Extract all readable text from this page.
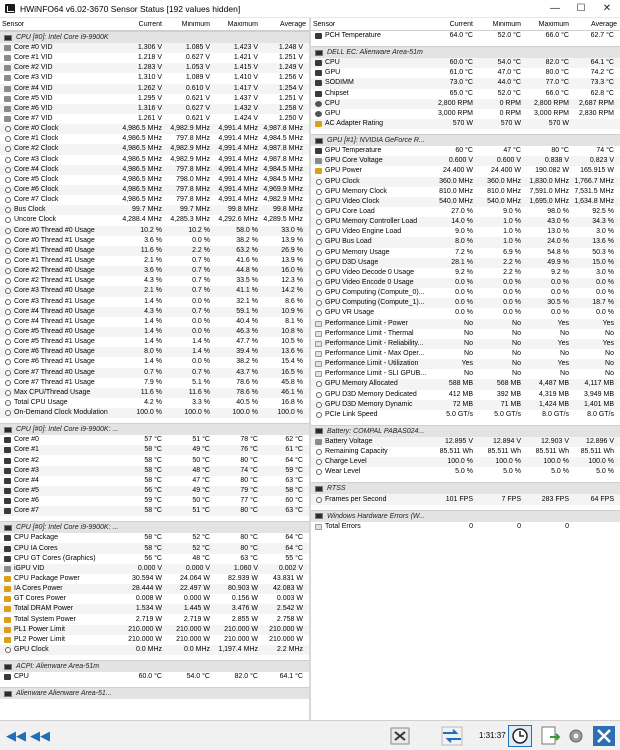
HWiNFO64 v6.02-3670 Sensor Status [192 values hidden]	—	☐	✕
Sensor	Current	Minimum	Maximum	Average
CPU [#0]: Intel Core i9-9900K
Core #0 VID	1.306 V	1.085 V	1.423 V	1.248 V
Core #1 VID	1.218 V	0.627 V	1.421 V	1.251 V
Core #2 VID	1.283 V	1.053 V	1.415 V	1.249 V
Core #3 VID	1.310 V	1.089 V	1.410 V	1.256 V
Core #4 VID	1.262 V	0.610 V	1.417 V	1.254 V
Core #5 VID	1.295 V	0.621 V	1.437 V	1.251 V
Core #6 VID	1.316 V	0.627 V	1.432 V	1.258 V
Core #7 VID	1.261 V	0.621 V	1.424 V	1.250 V
Core #0 Clock	4,986.5 MHz	4,982.9 MHz	4,991.4 MHz 4,987.8 MHz
Core #1 Clock	4,986.5 MHz	797.8 MHz	4,991.4 MHz 4,984.5 MHz
Core #2 Clock	4,986.5 MHz	4,982.9 MHz	4,991.4 MHz 4,987.8 MHz
Core #3 Clock	4,986.5 MHz	4,982.9 MHz	4,991.4 MHz 4,987.8 MHz
Core #4 Clock	4,986.5 MHz	797.8 MHz	4,991.4 MHz 4,984.5 MHz
Core #5 Clock	4,986.5 MHz	798.0 MHz	4,991.4 MHz 4,984.5 MHz
Core #6 Clock	4,986.5 MHz	797.8 MHz	4,991.4 MHz 4,969.9 MHz
Core #7 Clock	4,986.5 MHz	797.8 MHz	4,991.4 MHz 4,982.9 MHz
Bus Clock	99.7 MHz	99.7 MHz	99.8 MHz	99.8 MHz
Uncore Clock	4,288.4 MHz	4,285.3 MHz	4,292.6 MHz 4,289.5 MHz
Core #0 Thread #0 Usage	10.2 %	10.2 %	58.0 %	33.0 %
Core #0 Thread #1 Usage	3.6 %	0.0 %	38.2 %	13.9 %
Core #1 Thread #0 Usage	11.6 %	2.2 %	63.2 %	26.9 %
Core #1 Thread #1 Usage	2.1 %	0.7 %	41.6 %	13.9 %
Core #2 Thread #0 Usage	3.6 %	0.7 %	44.8 %	16.0 %
Core #2 Thread #1 Usage	4.3 %	0.7 %	33.5 %	12.3 %
Core #3 Thread #0 Usage	2.1 %	0.7 %	41.1 %	14.2 %
Core #3 Thread #1 Usage	1.4 %	0.0 %	32.1 %	8.6 %
Core #4 Thread #0 Usage	4.3 %	0.7 %	59.1 %	10.9 %
Core #4 Thread #1 Usage	1.4 %	0.0 %	40.4 %	8.1 %
Core #5 Thread #0 Usage	1.4 %	0.0 %	46.3 %	10.8 %
Core #5 Thread #1 Usage	1.4 %	1.4 %	47.7 %	10.5 %
Core #6 Thread #0 Usage	8.0 %	1.4 %	39.4 %	13.6 %
Core #6 Thread #1 Usage	1.4 %	0.0 %	38.2 %	15.4 %
Core #7 Thread #0 Usage	0.7 %	0.7 %	43.7 %	16.5 %
Core #7 Thread #1 Usage	7.9 %	5.1 %	78.6 %	45.8 %
Max CPU/Thread Usage	11.6 %	11.6 %	78.6 %	46.1 %
Total CPU Usage	4.2 %	3.3 %	40.5 %	16.8 %
On-Demand Clock Modulation	100.0 %	100.0 %	100.0 %	100.0 %
CPU [#0]: Intel Core i9-9900K: ...
Core #0	57 °C	51 °C	78 °C	62 °C
Core #1	58 °C	49 °C	76 °C	61 °C
Core #2	58 °C	50 °C	80 °C	64 °C
Core #3	58 °C	48 °C	74 °C	59 °C
Core #4	58 °C	47 °C	80 °C	63 °C
Core #5	56 °C	49 °C	79 °C	58 °C
Core #6	59 °C	50 °C	77 °C	60 °C
Core #7	58 °C	51 °C	80 °C	63 °C
CPU [#0]: Intel Core i9-9900K: ...
CPU Package	58 °C	52 °C	80 °C	64 °C
CPU IA Cores	58 °C	52 °C	80 °C	64 °C
CPU GT Cores (Graphics)	56 °C	48 °C	63 °C	55 °C
iGPU VID	0.000 V	0.000 V	1.060 V	0.002 V
CPU Package Power	30.594 W	24.064 W	82.939 W	43.831 W
IA Cores Power	28.444 W	22.497 W	80.903 W	42.083 W
GT Cores Power	0.008 W	0.000 W	0.156 W	0.003 W
Total DRAM Power	1.534 W	1.445 W	3.476 W	2.542 W
Total System Power	2.719 W	2.719 W	2.855 W	2.758 W
PL1 Power Limit	210.000 W	210.000 W	210.000 W	210.000 W
PL2 Power Limit	210.000 W	210.000 W	210.000 W	210.000 W
GPU Clock	0.0 MHz	0.0 MHz	1,197.4 MHz	2.2 MHz
ACPI: Alienware Area-51m
CPU	60.0 °C	54.0 °C	82.0 °C	64.1 °C
Alienware Alienware Area-51...
Sensor	Current	Minimum	Maximum	Average
PCH Temperature	64.0 °C	52.0 °C	66.0 °C	62.7 °C
DELL EC: Alienware Area-51m
CPU	60.0 °C	54.0 °C	82.0 °C	64.1 °C
GPU	61.0 °C	47.0 °C	80.0 °C	74.2 °C
SODIMM	73.0 °C	44.0 °C	77.0 °C	73.3 °C
Chipset	65.0 °C	52.0 °C	66.0 °C	62.8 °C
CPU	2,800 RPM	0 RPM	2,800 RPM	2,687 RPM
GPU	3,000 RPM	0 RPM	3,000 RPM	2,830 RPM
AC Adapter Rating	570 W	570 W	570 W
GPU [#1]: NVIDIA GeForce R...
GPU Temperature	60 °C	47 °C	80 °C	74 °C
GPU Core Voltage	0.600 V	0.600 V	0.838 V	0.823 V
GPU Power	24.400 W	24.400 W	190.082 W	165.915 W
GPU Clock	360.0 MHz	360.0 MHz	1,830.0 MHz 1,766.7 MHz
GPU Memory Clock	810.0 MHz	810.0 MHz	7,591.0 MHz 7,531.5 MHz
GPU Video Clock	540.0 MHz	540.0 MHz	1,695.0 MHz 1,634.8 MHz
GPU Core Load	27.0 %	9.0 %	98.0 %	92.5 %
GPU Memory Controller Load	14.0 %	1.0 %	43.0 %	34.3 %
GPU Video Engine Load	9.0 %	1.0 %	13.0 %	3.0 %
GPU Bus Load	8.0 %	1.0 %	24.0 %	13.6 %
GPU Memory Usage	7.2 %	6.9 %	54.8 %	50.3 %
GPU D3D Usage	28.1 %	2.2 %	49.9 %	15.0 %
GPU Video Decode 0 Usage	9.2 %	2.2 %	9.2 %	3.0 %
GPU Video Encode 0 Usage	0.0 %	0.0 %	0.0 %	0.0 %
GPU Computing (Compute_0)...	0.0 %	0.0 %	0.0 %	0.0 %
GPU Computing (Compute_1)...	0.0 %	0.0 %	30.5 %	18.7 %
GPU VR Usage	0.0 %	0.0 %	0.0 %	0.0 %
Performance Limit - Power	No	No	Yes	Yes
Performance Limit - Thermal	No	No	No	No
Performance Limit - Reliability...	No	No	Yes	Yes
Performance Limit - Max Oper...	No	No	No	No
Performance Limit - Utilization	Yes	No	Yes	No
Performance Limit - SLI GPUB...	No	No	No	No
GPU Memory Allocated	588 MB	568 MB	4,487 MB	4,117 MB
GPU D3D Memory Dedicated	412 MB	392 MB	4,319 MB	3,949 MB
GPU D3D Memory Dynamic	72 MB	71 MB	1,424 MB	1,401 MB
PCIe Link Speed	5.0 GT/s	5.0 GT/s	8.0 GT/s	8.0 GT/s
Battery: COMPAL PABAS024...
Battery Voltage	12.895 V	12.894 V	12.903 V	12.896 V
Remaining Capacity	85.511 Wh	85.511 Wh	85.511 Wh	85.511 Wh
Charge Level	100.0 %	100.0 %	100.0 %	100.0 %
Wear Level	5.0 %	5.0 %	5.0 %	5.0 %
RTSS
Frames per Second	101 FPS	7 FPS	283 FPS	64 FPS
Windows Hardware Errors (W...
Total Errors	0	0	0
◀◀ ◀◀	1:31:37
